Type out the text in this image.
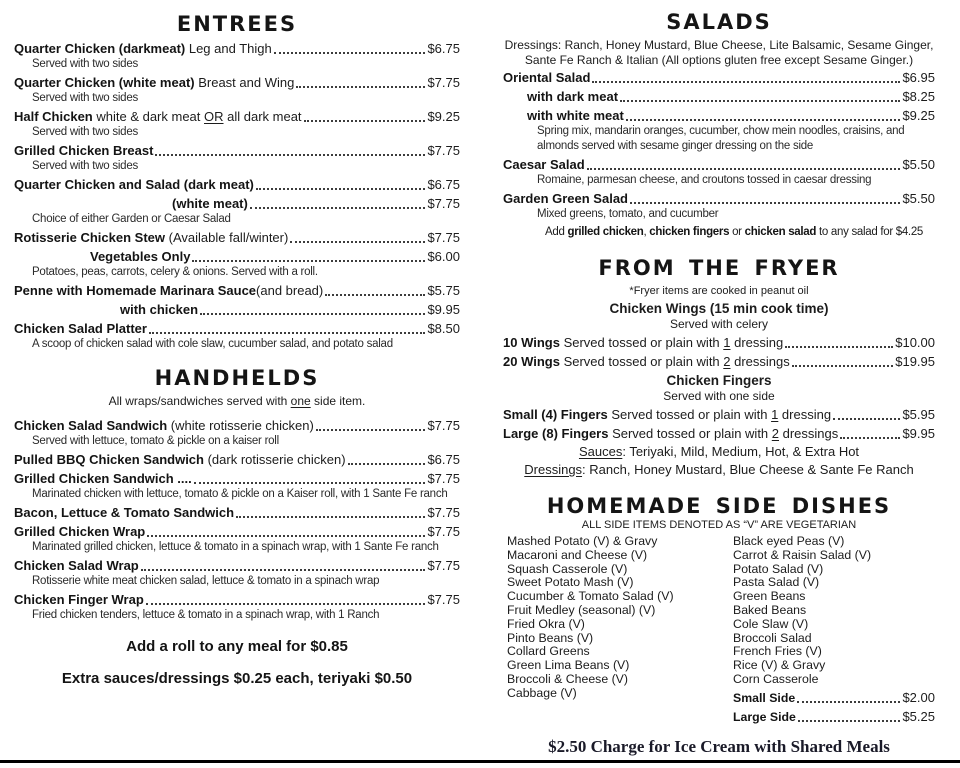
ENTREES
Quarter Chicken (darkmeat) Leg and Thigh	$6.75
Served with two sides
Quarter Chicken (white meat) Breast and Wing	$7.75
Served with two sides
Half Chicken white & dark meat OR all dark meat	$9.25
Served with two sides
Grilled Chicken Breast	$7.75
Served with two sides
Quarter Chicken and Salad (dark meat)	$6.75
(white meat)	$7.75
Choice of either Garden or Caesar Salad
Rotisserie Chicken Stew (Available fall/winter)	$7.75
Vegetables Only	$6.00
Potatoes, peas, carrots, celery & onions. Served with a roll.
Penne with Homemade Marinara Sauce(and bread)	$5.75
with chicken	$9.95
Chicken Salad Platter	$8.50
A scoop of chicken salad with cole slaw, cucumber salad, and potato salad
HANDHELDS
All wraps/sandwiches served with one side item.
Chicken Salad Sandwich (white rotisserie chicken)	$7.75
Served with lettuce, tomato & pickle on a kaiser roll
Pulled BBQ Chicken Sandwich (dark rotisserie chicken)	$6.75
Grilled Chicken Sandwich ....	$7.75
Marinated chicken with lettuce, tomato & pickle on a Kaiser roll, with 1 Sante Fe ranch
Bacon, Lettuce & Tomato Sandwich	$7.75
Grilled Chicken Wrap	$7.75
Marinated grilled chicken, lettuce & tomato in a spinach wrap, with 1 Sante Fe ranch
Chicken Salad Wrap	$7.75
Rotisserie white meat chicken salad, lettuce & tomato in a spinach wrap
Chicken Finger Wrap	$7.75
Fried chicken tenders, lettuce & tomato in a spinach wrap, with 1 Ranch
Add a roll to any meal for $0.85
Extra sauces/dressings $0.25 each, teriyaki $0.50
SALADS
Dressings: Ranch, Honey Mustard, Blue Cheese, Lite Balsamic, Sesame Ginger,
Sante Fe Ranch & Italian (All options gluten free except Sesame Ginger.)
Oriental Salad	$6.95
with dark meat	$8.25
with white meat	$9.25
Spring mix, mandarin oranges, cucumber, chow mein noodles, craisins, and
almonds served with sesame ginger dressing on the side
Caesar Salad	$5.50
Romaine, parmesan cheese, and croutons tossed in caesar dressing
Garden Green Salad	$5.50
Mixed greens, tomato, and cucumber
Add grilled chicken, chicken fingers or chicken salad to any salad for $4.25
FROM THE FRYER
*Fryer items are cooked in peanut oil
Chicken Wings (15 min cook time)
Served with celery
10 Wings Served tossed or plain with 1 dressing	$10.00
20 Wings Served tossed or plain with 2 dressings	$19.95
Chicken Fingers
Served with one side
Small (4) Fingers Served tossed or plain with 1 dressing	$5.95
Large (8) Fingers Served tossed or plain with 2 dressings	$9.95
Sauces: Teriyaki, Mild, Medium, Hot, & Extra Hot
Dressings: Ranch, Honey Mustard, Blue Cheese & Sante Fe Ranch
HOMEMADE SIDE DISHES
ALL SIDE ITEMS DENOTED AS “V” ARE VEGETARIAN
Mashed Potato (V) & Gravy
Macaroni and Cheese (V)
Squash Casserole (V)
Sweet Potato Mash (V)
Cucumber & Tomato Salad (V)
Fruit Medley (seasonal) (V)
Fried Okra (V)
Pinto Beans (V)
Collard Greens
Green Lima Beans (V)
Broccoli & Cheese (V)
Cabbage (V)
Black eyed Peas (V)
Carrot & Raisin Salad (V)
Potato Salad (V)
Pasta Salad (V)
Green Beans
Baked Beans
Cole Slaw (V)
Broccoli Salad
French Fries (V)
Rice (V) & Gravy
Corn Casserole
Small Side	$2.00
Large Side	$5.25
$2.50 Charge for Ice Cream with Shared Meals
